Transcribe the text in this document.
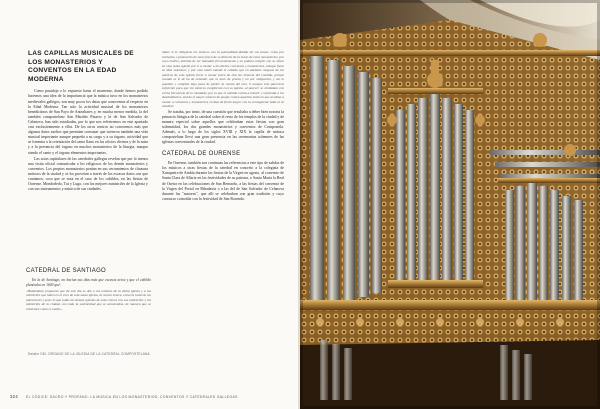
LAS CAPILLAS MUSICALES DE LOS MONASTERIOS Y CONVENTOS EN LA EDAD MODERNA

Como paradoja a lo expuesto hasta el momento, donde hemos podido hacernos una idea de la importancia que la música tuvo en los monasterios medievales gallegos, son muy pocos los datos que conocemos al respecto en la Edad Moderna. Tan solo la actividad musical de los monasterios benedictinos de San Payo de Antealtares y, en mucha menor medida, la del también compostelano San Martiño Pinario y la de San Salvador de Celanova, han sido estudiadas, por lo que nos referiremos en este apartado casi exclusivamente a ellos. De los otros centros no conocemos más que algunos datos sueltos que permiten constatar que tuvieron también una vida musical importante aunque pequeña a su cargo y a su órgano, actividad que se fomenta a la orientación del canto llano en los oficios divinos y de la misa y a la presencia del órgano en muchos monasterios de la liturgia, aunque siendo el canto y el órgano elementos importantes.

Las actas capitulares de las catedrales gallegas revelan que por lo menos una visita oficial comunicaba a los religiosos de los demás monasterios y conventos. Los propios monasterios ponían en sus cerramientos de clausura músicos de la ciudad y se los proveían a través de los escasos datos con que contamos, cosa que se nota en el caso de los cabildos, en las fiestas de Ourense, Mondoñedo, Tui y Lugo, con los mejores ministriles de la Iglesia y con sus instrumentos y música de sus ciudades.

CATEDRAL DE SANTIAGO

En la de Santiago, no hacían sus días más que escasos actos y que el cabildo planteaba en 1640 qué:

«Habiéndose propuesto que de este día se den a los músicos de la dicha iglesia y a los ministriles que tañen en el coro de esta santa iglesia, la ración entera, como la tuvieron los antecesores y pues lo que todas las demás iglesias de estos reinos con sus ministriles y los ministriles de la ciudad, con toda la solemnidad que se acostumbra, de manera que se solemnice como es razón».

Saber si se obligaron los músicos con la puntualidad debida sin sus tareas, como por iniciativa y promoción de otros fuera de su diócesis de la mano de estos monasterios, por cuyo motivo, habrían de ser llamados frecuentemente y no podían cumplir con su oficio en esta santa iglesia por ir a cantar a los dichos conventos y monasterios, aunque fuese en días solemnes, y por esta razón mandó el cabildo que en adelante ninguno de los músicos de esta iglesia fuese a cantar fuera de ella sin licencia del Cabildo, porque cuando se le dé ha de entender que lo hace de gracia y no por obligación, y así lo guarden y cumplan bajo pena de perder la ración del mes. Y aunque esto pareciera suficiente para que los músicos cumplieran con su iglesia, al parecer se olvidaban con cierta frecuencia de lo mandado, por lo que el cabildo volvía a insistir y reprendía a los desobedientes, siendo el mayor número de quejas contra aquellos músicos que acudían a cantar a conventos y monasterios en días de fiesta mayor con la consiguiente falta en la catedral.

Se trataba, por tanto, de una cuestión que resultaba a deber bien notoria la primacía litúrgica de la catedral sobre el resto de los templos de la ciudad y de manera especial sobre aquellos que celebraban estas fiestas con gran solemnidad, los dos grandes monasterios y conventos de Compostela. Además, a lo largo de los siglos XVIII y XIX la capilla de música compostelana llevó una gran presencia en las ceremonias solemnes de las iglesias conventuales de la ciudad.

CATEDRAL DE OURENSE

En Ourense, también son continuas las referencias a este tipo de salidas de los músicos a otras fiestas de la catedral en concreto a la colegiata de Xunqueira de Ambía durante las fiestas de la Virgen en agosto, al convento de Santa Clara de Allariz en las festividades de su patrona, o Santa María la Real de Oseira en las celebraciones de San Bernardo, a las fiestas del convento de la Virgen del Portal en Ribadavia o a las del de San Salvador de Celanova durante las "maiores", que allí se celebraban con gran tradición y cuyo concurso coincidía con la festividad de San Rosendo.

Detalle DEL ÓRGANO DE LA IGLESIA DE LA CATEDRAL COMPOSTELANA
324 EL CÓDICE: SACRO Y PROFANO: LA MÚSICA EN LOS MONASTERIOS, CONVENTOS Y CATEDRALES GALLEGAS
